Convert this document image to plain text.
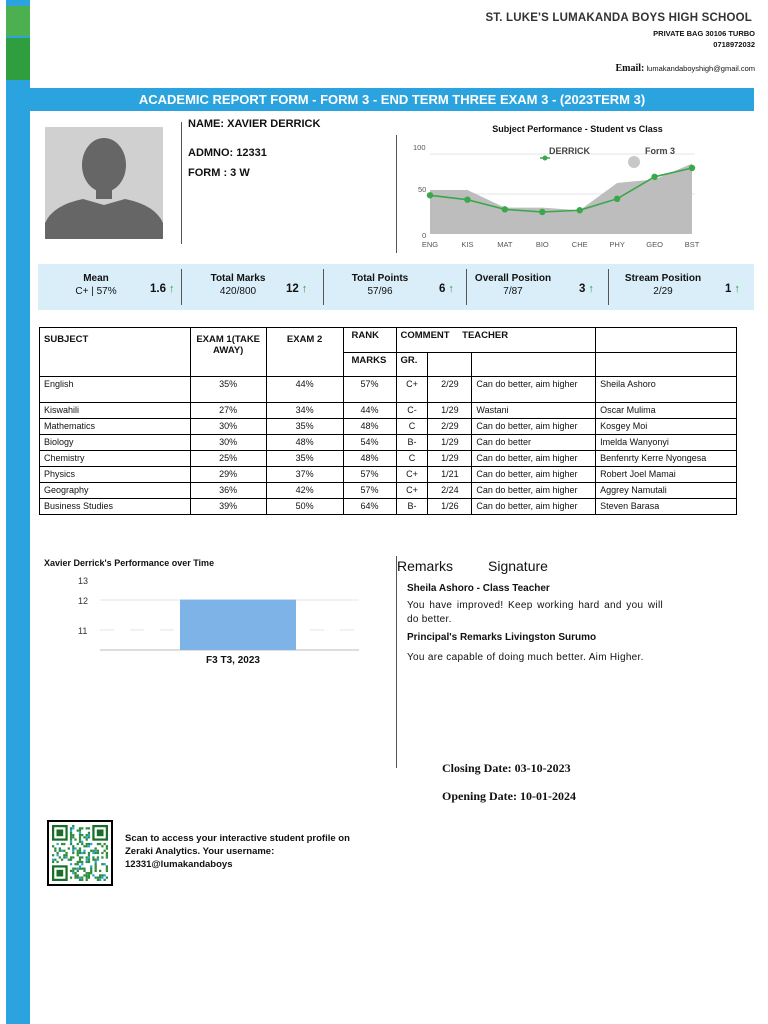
ST. LUKE'S LUMAKANDA BOYS HIGH SCHOOL
PRIVATE BAG 30106 TURBO
0718972032
Email: lumakandaboyshigh@gmail.com
ACADEMIC REPORT FORM - FORM 3 - END TERM THREE EXAM 3 - (2023TERM 3)
NAME: XAVIER DERRICK
ADMNO: 12331
FORM : 3 W
Subject Performance - Student vs Class
100
50
0
DERRICK	Form 3
ENG	KIS	MAT	BIO	CHE	PHY	GEO	BST
Mean
C+ | 57%	1.6 ↑
Total Marks
420/800	12 ↑
Total Points
57/96	6 ↑
Overall Position
7/87	3 ↑
Stream Position
2/29	1 ↑
SUBJECT	EXAM 1(TAKE AWAY)	EXAM 2	RANK	COMMENT			TEACHER
			MARKS	GR.			
English	35%	44%	57%	C+	2/29	Can do better, aim higher	Sheila Ashoro
Kiswahili	27%	34%	44%	C-	1/29	Wastani	Oscar Mulima
Mathematics	30%	35%	48%	C	2/29	Can do better, aim higher	Kosgey Moi
Biology	30%	48%	54%	B-	1/29	Can do better	Imelda Wanyonyi
Chemistry	25%	35%	48%	C	1/29	Can do better, aim higher	Benfenrty Kerre Nyongesa
Physics	29%	37%	57%	C+	1/21	Can do better, aim higher	Robert Joel Mamai
Geography	36%	42%	57%	C+	2/24	Can do better, aim higher	Aggrey Namutali
Business Studies	39%	50%	64%	B-	1/26	Can do better, aim higher	Steven Barasa
Xavier Derrick's Performance over Time
13
12
11
F3 T3, 2023
Remarks Signature
Sheila Ashoro - Class Teacher
You have improved! Keep working hard and you will do better.
Principal's Remarks Livingston Surumo
You are capable of doing much better. Aim Higher.
Closing Date: 03-10-2023
Opening Date: 10-01-2024
Scan to access your interactive student profile on
Zeraki Analytics. Your username:
12331@lumakandaboys
